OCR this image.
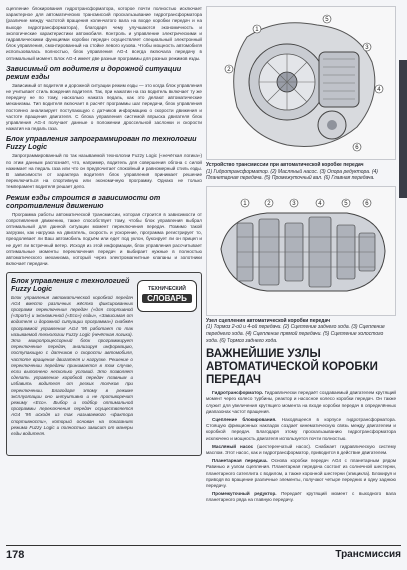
сцепление блокирования гидротрансформатора, которое почти полностью исключает характерное для автоматических трансмиссий проскальзывание гидротрансформатора (различие между частотой вращения коленчатого вала на входе коробки передач и на выходе гидротрансформатора), благодаря чему улучшаются экономичность и экологические характеристики автомобиля. Контроль и управление электрическими и гидравлическими функциями коробки передач осуществляет специальный электронный блок управления, смонтированный на стойке левого кузова. Чтобы мощность автомобиля использовалась полностью, блок управления AG-4 всегда включала передачу в оптимальный момент. Блок AG-4 имеет две разные программы для разных режимов езды.

Зависимый от водителя и дорожной ситуации режим езды

Зависимый от водителя и дорожной ситуации режим езды — это когда блок управления не учитывает стиль вождения водителя. Так, при нажатии на газ водитель включает ту же передачу не по тому, насколько нажата педаль, как это делают автоматические механизмы. Тип водителя включает в расчёт программы шаг передачи, блок управления постоянно анализирует поступающую с датчиков информацию о скорости движения и частоте вращения двигателя. С блока управления системой впрыска двигателя блок управления AG-4 получает данные о положении дроссельной заслонки и скорости нажатия на педаль газа.

Блок управления запрограммирован по технологии Fuzzy Logic

Запрограммированный по так называемой технологии Fuzzy Logic («нечёткая логика») по этим данным распознаёт, что, например, водитель для совершения обгона с силой нажимает на педаль газа или что он предпочитает спокойный и равномерный стиль езды. В зависимости от характера водителя блок управления принимает решение переключиться на спортивную или экономичную программу. Однако не только темперамент водителя решает дело.

Режим езды строится в зависимости от сопротивления движению

Программа работы автоматической трансмиссии, которая строится в зависимости от сопротивления движению, также способствует тому, чтобы блок управления выбрал оптимальный для данной ситуации момент переключения передач. Помимо такой загрузки, как нагрузка на двигатель, скорость и ускорение, программа регистрирует то, преодолевает ли Ваш автомобиль подъём или едет под уклон, буксирует ли он прицеп и не дует ли встречный ветер. Исходя из этой информации, блок управления рассчитывает оптимальные моменты переключения передач и выбирает нужные в полностью автоматического механизма, который через электромагнитные клапаны и золотники включает передачи.

ТЕХНИЧЕСКИЙ
СЛОВАРЬ
Блок управления с технологией Fuzzy Logic

Блок управления автоматической коробкой передач AG4 вместо различных жёстко фиксированных программ переключения передач («для спортивной («Sport») и экономичной («Eco») езды», «Зависимая от водителя и дорожной ситуации программа») снабжён программой управления AG4 '95 работает по так называемой технологии Fuzzy Logic (нечёткая логика). Эта микропроцессорный блок программирует переключение передач, анализируя информацию, поступающую с датчиков о скорости автомобиля, частоте вращения двигателя и нагрузке. Решение о переключении передачи принимается в том случае, если выполнено несколько условий. Это позволяет сделать управление коробкой передач плавным и избавить водителя от резких толчков при переключении. Благодаря этому в режиме эксплуатации оно интуитивно и не противоречит режиму «Eco». Выбор и подбор оптимальной программы переключения передач осуществляется AG4 '95 исходя из так называемого «фактора спортивности», который основан на показаниях режима Fuzzy Logic и полностью зависит от манеры езды водителя.

1
2
3
4
5
6
Устройство трансмиссии при автоматической коробке передач
(1) Гидротрансформатор. (2) Масляный насос. (3) Опора редуктора. (4) Планетарная передача. (5) Промежуточный вал. (6) Главная передача.
1	2	3	4	5	6
Узел сцепления автоматической коробки передач
(1) Тормоз 2-ой и 4-ой передачи. (2) Сцепление заднего хода. (3) Сцепление переднего хода. (4) Сцепление прямой передачи. (5) Сцепление холостого хода. (6) Тормоз заднего хода.
ВАЖНЕЙШИЕ УЗЛЫ АВТОМАТИЧЕСКОЙ КОРОБКИ ПЕРЕДАЧ

Гидротрансформатор. Гидравлически передаёт создаваемый двигателем крутящий момент через колесо турбины, реактор и насосное колесо коробки передач. Он также служит для увеличения крутящего момента на входе коробки передач в определённых диапазонах частот вращения.

Сцепление блокирования. Находящееся в корпусе гидротрансформатора. Стоящую фрикционных накладок создает кинематическую связь между двигателем и коробкой передач. Благодаря этому проскальзыванию гидротрансформатора исключено и мощность двигателя используется почти полностью.

Масляный насос (шестеренчатый насос). Снабжает гидравлическую систему маслом. Этот насос, как и гидротрансформатор, приводится в действие двигателем.

Планетарная передача. Основа коробки передач AG4 с планетарным рядом Равинью и узлом сцепления. Планетарная передача состоит из солнечной шестерни, планетарного сателлита с водилом, а также коронной шестерни (эпицикла). Блокируя и приводя во вращение различные элементы, получают четыре передних и одну заднюю передачу.

Промежуточный редуктор. Передаёт крутящий момент с выходного вала планетарного ряда на главную передачу.

178	Трансмиссия
